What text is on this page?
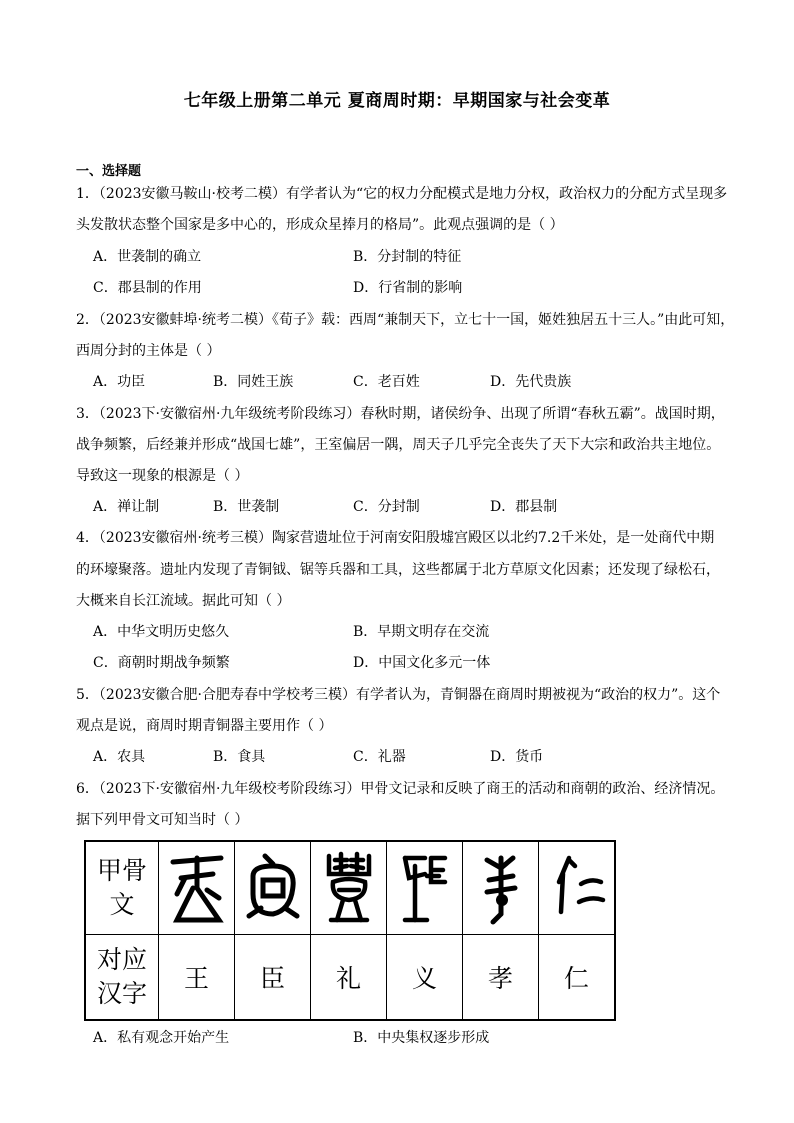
七年级上册第二单元 夏商周时期：早期国家与社会变革
一、选择题
1．（2023安徽马鞍山·校考二模）有学者认为“它的权力分配模式是地力分权，政治权力的分配方式呈现多
头发散状态整个国家是多中心的，形成众星捧月的格局”。此观点强调的是（ ）
A．世袭制的确立	B．分封制的特征
C．郡县制的作用	D．行省制的影响
2．（2023安徽蚌埠·统考二模）《荀子》载：西周“兼制天下，立七十一国，姬姓独居五十三人。”由此可知，
西周分封的主体是（ ）
A．功臣	B．同姓王族	C．老百姓	D．先代贵族
3．（2023下·安徽宿州·九年级统考阶段练习）春秋时期，诸侯纷争、出现了所谓“春秋五霸”。战国时期，
战争频繁，后经兼并形成“战国七雄”，王室偏居一隅，周天子几乎完全丧失了天下大宗和政治共主地位。
导致这一现象的根源是（ ）
A．禅让制	B．世袭制	C．分封制	D．郡县制
4．（2023安徽宿州·统考三模）陶家营遗址位于河南安阳殷墟宫殿区以北约7.2千米处，是一处商代中期
的环壕聚落。遗址内发现了青铜钺、锯等兵器和工具，这些都属于北方草原文化因素；还发现了绿松石，
大概来自长江流域。据此可知（ ）
A．中华文明历史悠久	B．早期文明存在交流
C．商朝时期战争频繁	D．中国文化多元一体
5．（2023安徽合肥·合肥寿春中学校考三模）有学者认为，青铜器在商周时期被视为“政治的权力”。这个
观点是说，商周时期青铜器主要用作（ ）
A．农具	B．食具	C．礼器	D．货币
6．（2023下·安徽宿州·九年级校考阶段练习）甲骨文记录和反映了商王的活动和商朝的政治、经济情况。
据下列甲骨文可知当时（ ）
甲骨
文

对应
汉字	王	臣	礼	义	孝	仁
A．私有观念开始产生	B．中央集权逐步形成
